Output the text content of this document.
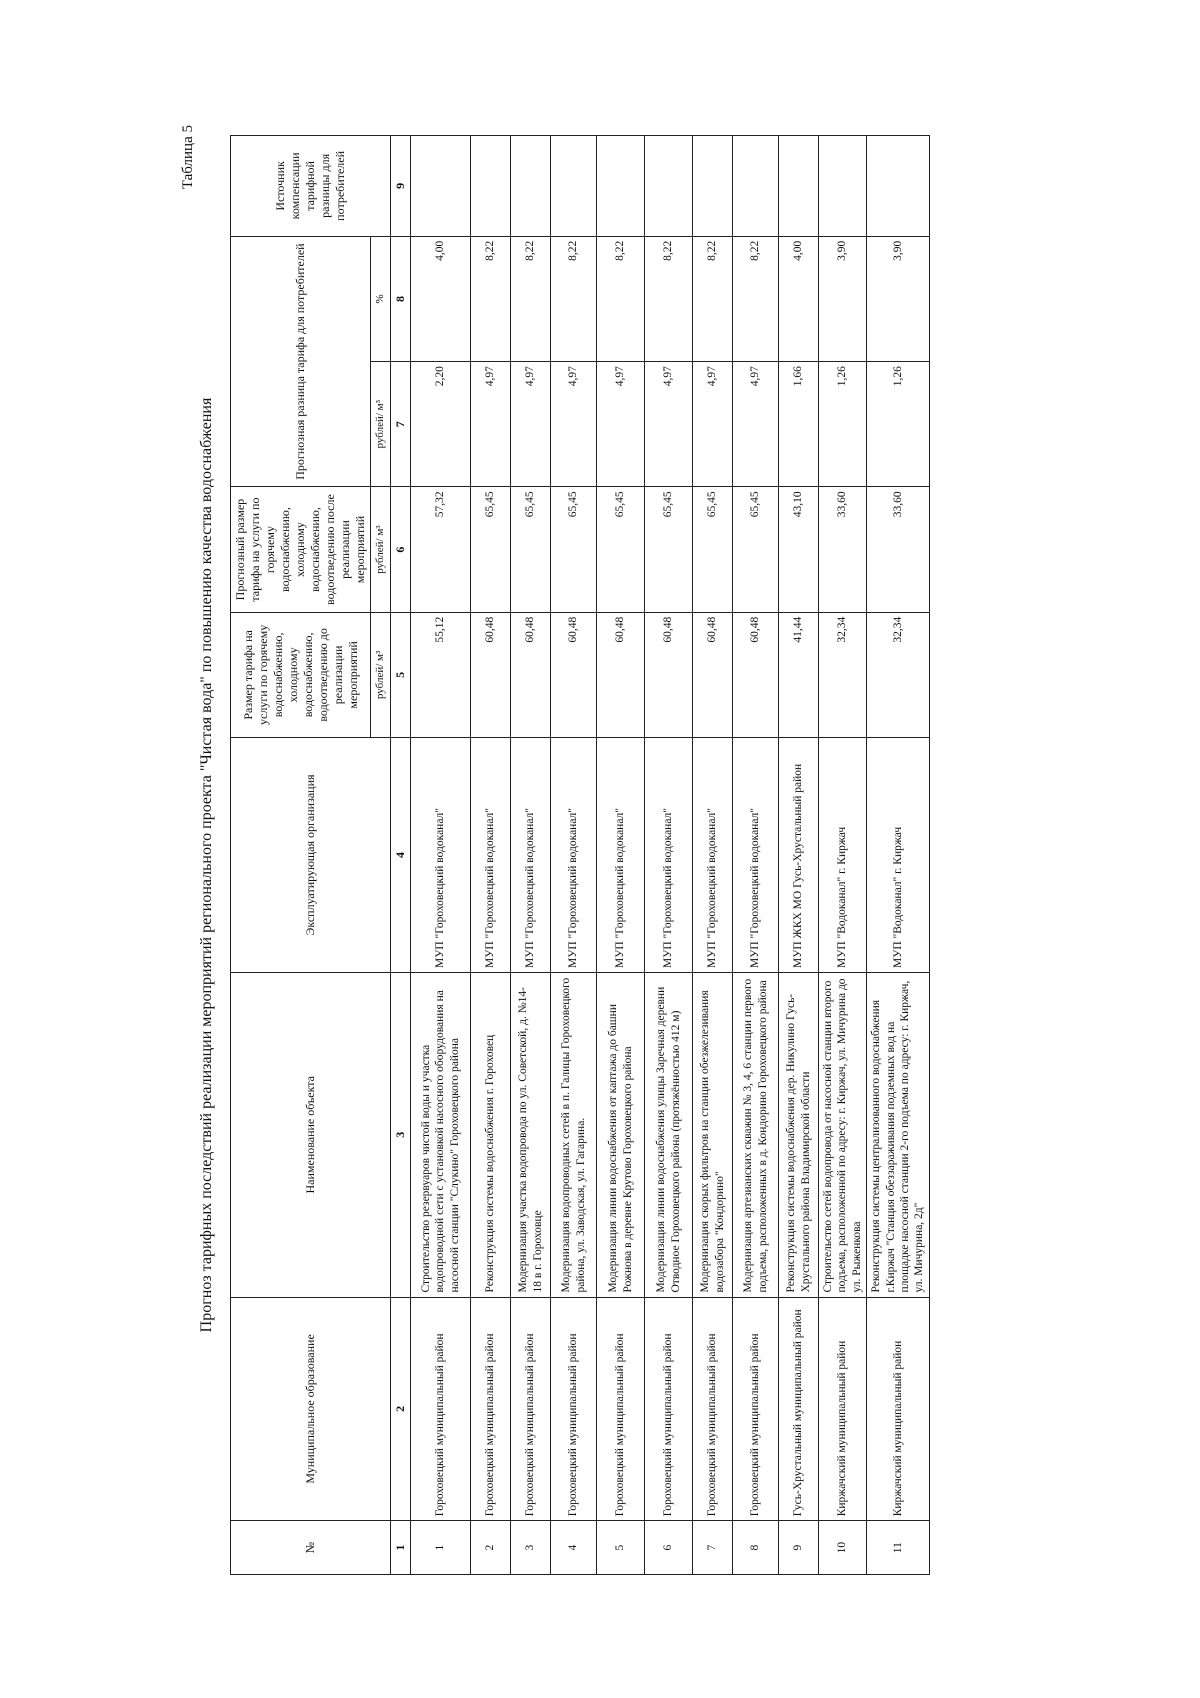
Таблица 5
Прогноз тарифных последствий реализации мероприятий регионального проекта "Чистая вода" по повышению качества водоснабжения
№	Муниципальное образование	Наименование объекта	Эксплуатирующая организация	Размер тарифа на услуги по горячему водоснабжению, холодному водоснабжению, водоотведению до реализации мероприятий	Прогнозный размер тарифа на услуги по горячему водоснабжению, холодному водоснабжению, водоотведению после реализации мероприятий	Прогнозная разница тарифа для потребителей		Источник компенсации тарифной разницы для потребителей
				рублей/ м³	рублей/ м³	рублей/ м³	%	
1	2	3	4	5	6	7	8	9
1	Гороховецкий муниципальный район	Строительство резервуаров чистой воды и участка водопроводной сети с установкой насосного оборудования на насосной станции "Слукино" Гороховецкого района	МУП "Гороховецкий водоканал"	55,12	57,32	2,20	4,00	
2	Гороховецкий муниципальный район	Реконструкция системы водоснабжения г. Гороховец	МУП "Гороховецкий водоканал"	60,48	65,45	4,97	8,22	
3	Гороховецкий муниципальный район	Модернизация участка водопровода по ул. Советской, д. №14-18 в г. Гороховце	МУП "Гороховецкий водоканал"	60,48	65,45	4,97	8,22	
4	Гороховецкий муниципальный район	Модернизация водопроводных сетей в п. Галицы Гороховецкого района, ул. Заводская, ул. Гагарина.	МУП "Гороховецкий водоканал"	60,48	65,45	4,97	8,22	
5	Гороховецкий муниципальный район	Модернизация линии водоснабжения от каптажа до башни Рожнова в деревне Крутово Гороховецкого района	МУП "Гороховецкий водоканал"	60,48	65,45	4,97	8,22	
6	Гороховецкий муниципальный район	Модернизация линии водоснабжения улицы Заречная деревни Отводное Гороховецкого района (протяжённостью 412 м)	МУП "Гороховецкий водоканал"	60,48	65,45	4,97	8,22	
7	Гороховецкий муниципальный район	Модернизация скорых фильтров на станции обезжелезивания водозабора "Кондорино"	МУП "Гороховецкий водоканал"	60,48	65,45	4,97	8,22	
8	Гороховецкий муниципальный район	Модернизация артезианских скважин № 3, 4, 6 станции первого подъема, расположенных в д. Кондорино Гороховецкого района	МУП "Гороховецкий водоканал"	60,48	65,45	4,97	8,22	
9	Гусь-Хрустальный муниципальный район	Реконструкция системы водоснабжения дер. Никулино Гусь-Хрустального района Владимирской области	МУП ЖКХ МО Гусь-Хрустальный район	41,44	43,10	1,66	4,00	
10	Киржачский муниципальный район	Строительство сетей водопровода от насосной станции второго подъема, расположенной по адресу: г. Киржач, ул. Мичурина до ул. Рыженкова	МУП "Водоканал" г. Киржач	32,34	33,60	1,26	3,90	
11	Киржачский муниципальный район	Реконструкция системы централизованного водоснабжения г.Киржач "Станция обеззараживания подземных вод на площадке насосной станции 2-го подъема по адресу: г. Киржач, ул. Мичурина, 2д"	МУП "Водоканал" г. Киржач	32,34	33,60	1,26	3,90	
